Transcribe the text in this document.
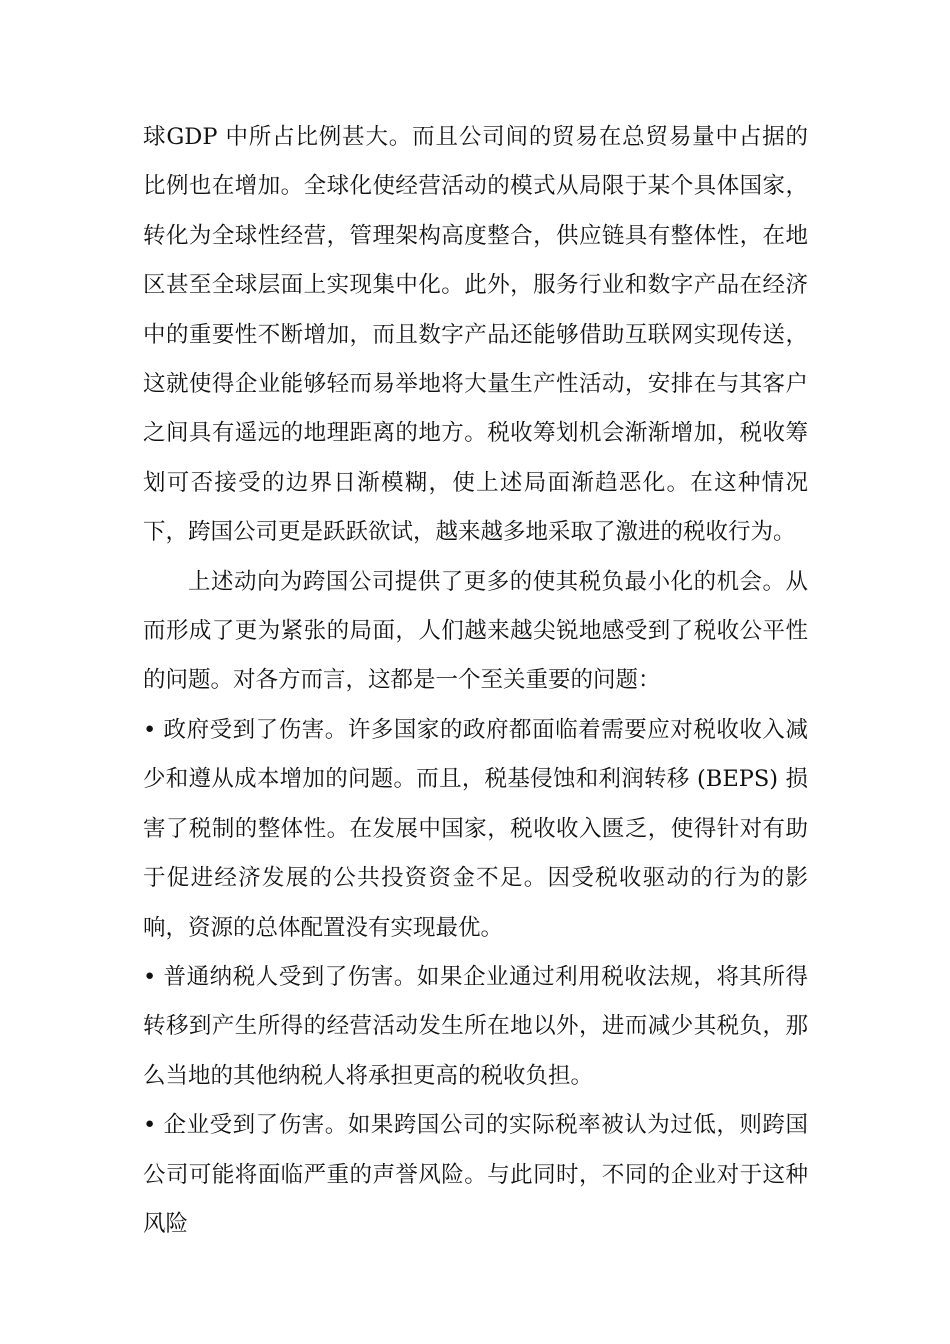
球GDP 中所占比例甚大。而且公司间的贸易在总贸易量中占据的比例也在增加。全球化使经营活动的模式从局限于某个具体国家，转化为全球性经营，管理架构高度整合，供应链具有整体性，在地区甚至全球层面上实现集中化。此外，服务行业和数字产品在经济中的重要性不断增加，而且数字产品还能够借助互联网实现传送，这就使得企业能够轻而易举地将大量生产性活动，安排在与其客户之间具有遥远的地理距离的地方。税收筹划机会渐渐增加，税收筹划可否接受的边界日渐模糊，使上述局面渐趋恶化。在这种情况下，跨国公司更是跃跃欲试，越来越多地采取了激进的税收行为。

上述动向为跨国公司提供了更多的使其税负最小化的机会。从而形成了更为紧张的局面，人们越来越尖锐地感受到了税收公平性的问题。对各方而言，这都是一个至关重要的问题：

• 政府受到了伤害。许多国家的政府都面临着需要应对税收收入减少和遵从成本增加的问题。而且，税基侵蚀和利润转移 (BEPS) 损害了税制的整体性。在发展中国家，税收收入匮乏，使得针对有助于促进经济发展的公共投资资金不足。因受税收驱动的行为的影响，资源的总体配置没有实现最优。

• 普通纳税人受到了伤害。如果企业通过利用税收法规，将其所得转移到产生所得的经营活动发生所在地以外，进而减少其税负，那么当地的其他纳税人将承担更高的税收负担。

• 企业受到了伤害。如果跨国公司的实际税率被认为过低，则跨国公司可能将面临严重的声誉风险。与此同时，不同的企业对于这种风险
